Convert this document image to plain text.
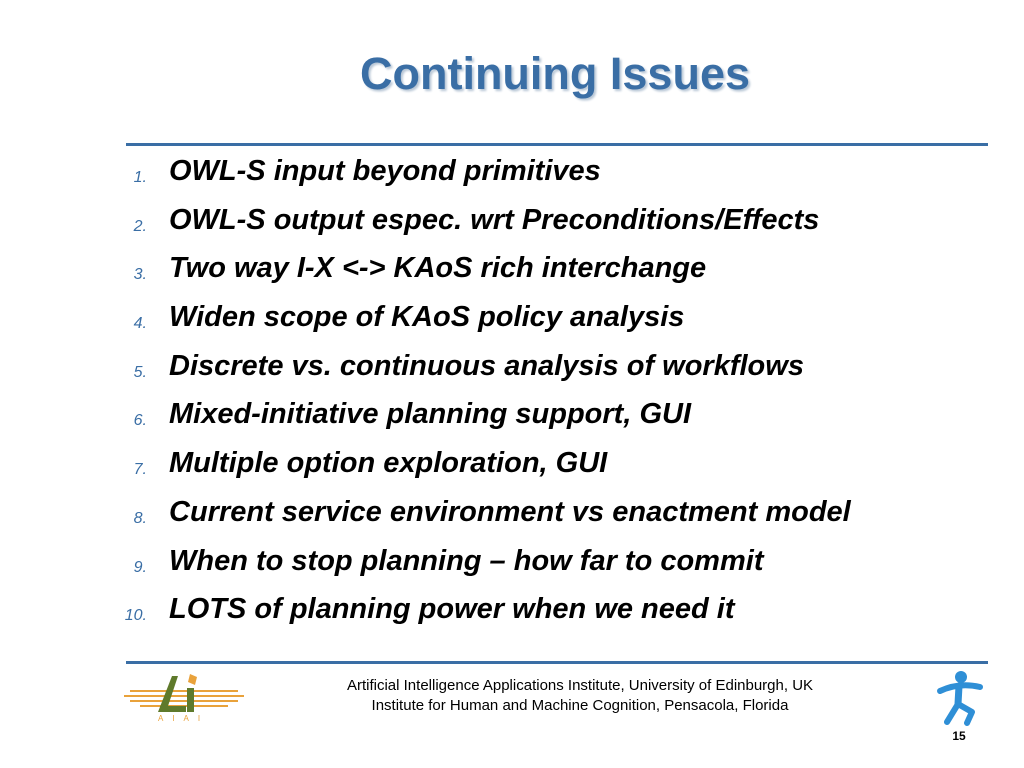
Continuing Issues
1. OWL-S input beyond primitives
2. OWL-S output espec. wrt Preconditions/Effects
3. Two way I-X <-> KAoS rich interchange
4. Widen scope of KAoS policy analysis
5. Discrete vs. continuous analysis of workflows
6. Mixed-initiative planning support, GUI
7. Multiple option exploration, GUI
8. Current service environment vs enactment model
9. When to stop planning – how far to commit
10. LOTS of planning power when we need it
AIAI
Artificial Intelligence Applications Institute, University of Edinburgh, UK
Institute for Human and Machine Cognition, Pensacola, Florida
15
